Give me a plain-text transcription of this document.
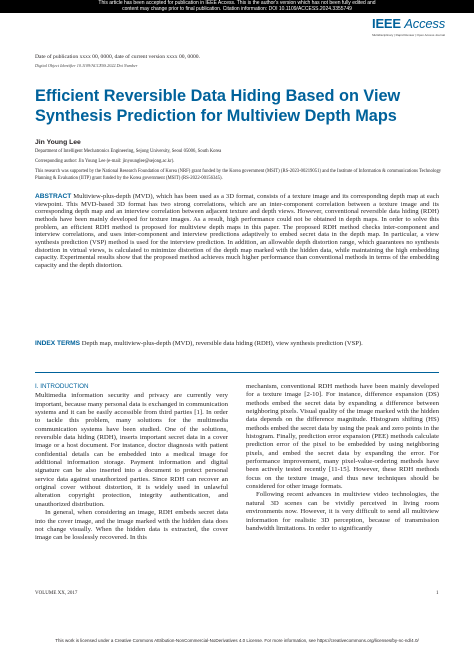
This article has been accepted for publication in IEEE Access. This is the author's version which has not been fully edited and
content may change prior to final publication. Citation information: DOI 10.1109/ACCESS.2024.3355749
IEEE Access
Multidisciplinary | Rapid Review | Open Access Journal
Date of publication xxxx 00, 0000, date of current version xxxx 00, 0000.
Digital Object Identifier 10.1109/ACCESS.2022.Doi Number
Efficient Reversible Data Hiding Based on View Synthesis Prediction for Multiview Depth Maps
Jin Young Lee
Department of Intelligent Mechatronics Engineering, Sejong University, Seoul 05006, South Korea
Corresponding author: Jin Young Lee (e-mail: jinyounglee@sejong.ac.kr).
This research was supported by the National Research Foundation of Korea (NRF) grant funded by the Korea government (MSIT) (RS-2023-00219051) and the Institute of Information & communications Technology Planning & Evaluation (IITP) grant funded by the Korea government (MSIT) (RS-2022-00156345).
ABSTRACT Multiview-plus-depth (MVD), which has been used as a 3D format, consists of a texture image and its corresponding depth map at each viewpoint. This MVD-based 3D format has two strong correlations, which are an inter-component correlation between a texture image and its corresponding depth map and an interview correlation between adjacent texture and depth views. However, conventional reversible data hiding (RDH) methods have been mainly developed for texture images. As a result, high performance could not be obtained in depth maps. In order to solve this problem, an efficient RDH method is proposed for multiview depth maps in this paper. The proposed RDH method checks inter-component and interview correlations, and uses inter-component and interview predictions adaptively to embed secret data in the depth map. In particular, a view synthesis prediction (VSP) method is used for the interview prediction. In addition, an allowable depth distortion range, which guarantees no synthesis distortion in virtual views, is calculated to minimize distortion of the depth map marked with the hidden data, while maintaining the high embedding capacity. Experimental results show that the proposed method achieves much higher performance than conventional methods in terms of the embedding capacity and the depth distortion.
INDEX TERMS Depth map, multiview-plus-depth (MVD), reversible data hiding (RDH), view synthesis prediction (VSP).

I. INTRODUCTION

Multimedia information security and privacy are currently very important, because many personal data is exchanged in communication systems and it can be easily accessible from third parties [1]. In order to tackle this problem, many solutions for the multimedia communication systems have been studied. One of the solutions, reversible data hiding (RDH), inserts important secret data in a cover image or a host document. For instance, doctor diagnosis with patient confidential details can be embedded into a medical image for additional information storage. Payment information and digital signature can be also inserted into a document to protect personal service data against unauthorized parties. Since RDH can recover an original cover without distortion, it is widely used in unlawful alteration copyright protection, integrity authentication, and unauthorized distribution.

In general, when considering an image, RDH embeds secret data into the cover image, and the image marked with the hidden data does not change visually. When the hidden data is extracted, the cover image can be losslessly recovered. In this

mechanism, conventional RDH methods have been mainly developed for a texture image [2-10]. For instance, difference expansion (DS) methods embed the secret data by expanding a difference between neighboring pixels. Visual quality of the image marked with the hidden data depends on the difference magnitude. Histogram shifting (HS) methods embed the secret data by using the peak and zero points in the histogram. Finally, prediction error expansion (PEE) methods calculate prediction error of the pixel to be embedded by using neighboring pixels, and embed the secret data by expanding the error. For performance improvement, many pixel-value-ordering methods have been actively tested recently [11-15]. However, these RDH methods focus on the texture image, and thus new techniques should be considered for other image formats.

Following recent advances in multiview video technologies, the natural 3D scenes can be vividly perceived in living room environments now. However, it is very difficult to send all multiview information for realistic 3D perception, because of transmission bandwidth limitations. In order to significantly

VOLUME XX, 2017	1
This work is licensed under a Creative Commons Attribution-NonCommercial-NoDerivatives 4.0 License. For more information, see https://creativecommons.org/licenses/by-nc-nd/4.0/
